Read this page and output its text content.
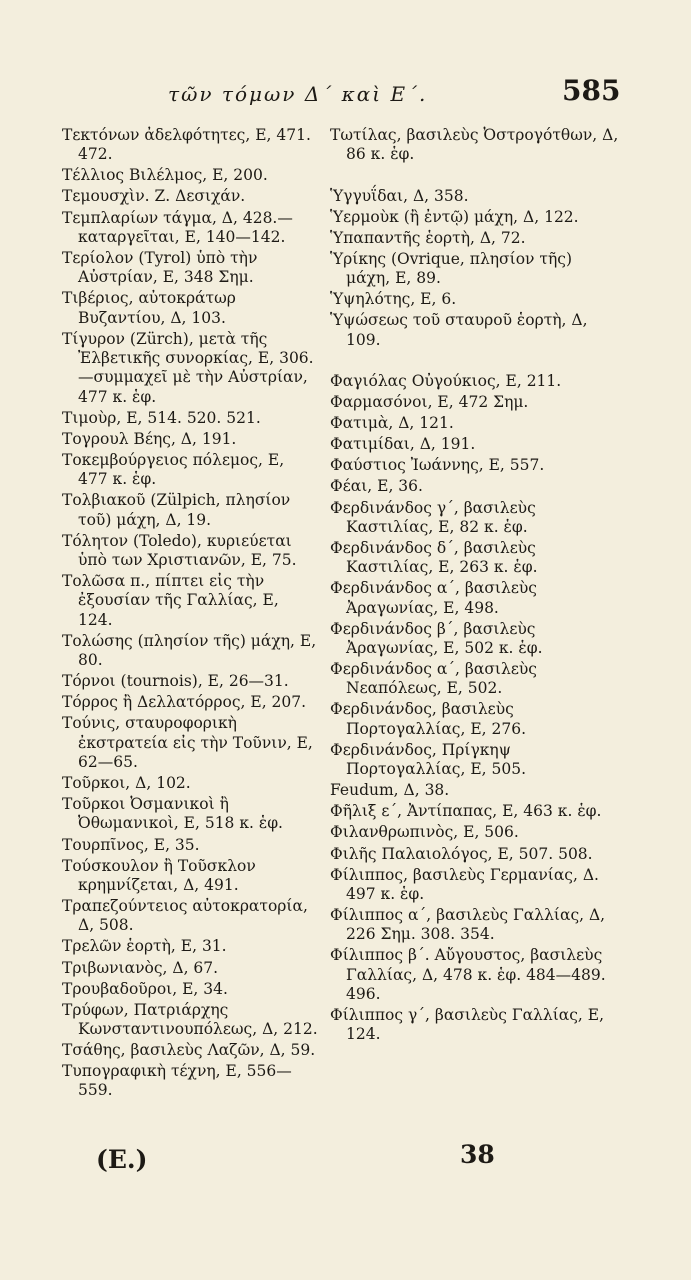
τῶν τόμων Δ΄ καὶ Ε΄.	585

Τεκτόνων ἀδελφότητες, Ε, 471. 472.

Τέλλιος Βιλέλμος, Ε, 200.

Τεμουσχὶν. Ζ. Δεσιχάν.

Τεμπλαρίων τάγμα, Δ, 428.— καταργεῖται, Ε, 140—142.

Τερίολον (Tyrol) ὑπὸ τὴν Αὐστρίαν, Ε, 348 Σημ.

Τιβέριος, αὐτοκράτωρ Βυζαντίου, Δ, 103.

Τίγυρον (Zürch), μετὰ τῆς Ἐλβετικῆς συνορκίας, Ε, 306. —συμμαχεῖ μὲ τὴν Αὐστρίαν, 477 κ. ἑφ.

Τιμοὺρ, Ε, 514. 520. 521.

Τογρουλ Βέης, Δ, 191.

Τοκεμβούργειος πόλεμος, Ε, 477 κ. ἑφ.

Τολβιακοῦ (Zülpich, πλησίον τοῦ) μάχη, Δ, 19.

Τόλητον (Toledo), κυριεύεται ὑπὸ των Χριστιανῶν, Ε, 75.

Τολῶσα π., πίπτει εἰς τὴν ἐξουσίαν τῆς Γαλλίας, Ε, 124.

Τολώσης (πλησίον τῆς) μάχη, Ε, 80.

Τόρνοι (tournois), Ε, 26—31.

Τόρρος ἢ Δελλατόρρος, Ε, 207.

Τούνις, σταυροφορικὴ ἐκστρατεία εἰς τὴν Τοῦνιν, Ε, 62—65.

Τοῦρκοι, Δ, 102.

Τοῦρκοι Ὀσμανικοὶ ἢ Ὀθωμανικοὶ, Ε, 518 κ. ἑφ.

Τουρπῖνος, Ε, 35.

Τούσκουλον ἢ Τοῦσκλον κρημνίζεται, Δ, 491.

Τραπεζούντειος αὐτοκρατορία, Δ, 508.

Τρελῶν ἑορτὴ, Ε, 31.

Τριβωνιανὸς, Δ, 67.

Τρουβαδοῦροι, Ε, 34.

Τρύφων, Πατριάρχης Κωνσταντινουπόλεως, Δ, 212.

Τσάθης, βασιλεὺς Λαζῶν, Δ, 59.

Τυπογραφικὴ τέχνη, Ε, 556— 559.

Τωτίλας, βασιλεὺς Ὀστρογότθων, Δ, 86 κ. ἑφ.

Ὑγγυΐδαι, Δ, 358.

Ὑερμοὺκ (ἢ ἐντῷ) μάχη, Δ, 122.

Ὑπαπαντῆς ἑορτὴ, Δ, 72.

Ὑρίκης (Ovrique, πλησίον τῆς) μάχη, Ε, 89.

Ὑψηλότης, Ε, 6.

Ὑψώσεως τοῦ σταυροῦ ἑορτὴ, Δ, 109.

Φαγιόλας Οὐγούκιος, Ε, 211.

Φαρμασόνοι, Ε, 472 Σημ.

Φατιμὰ, Δ, 121.

Φατιμίδαι, Δ, 191.

Φαύστιος Ἰωάννης, Ε, 557.

Φέαι, Ε, 36.

Φερδινάνδος γ΄, βασιλεὺς Καστιλίας, Ε, 82 κ. ἑφ.

Φερδινάνδος δ΄, βασιλεὺς Καστιλίας, Ε, 263 κ. ἑφ.

Φερδινάνδος α΄, βασιλεὺς Ἀραγωνίας, Ε, 498.

Φερδινάνδος β΄, βασιλεὺς Ἀραγωνίας, Ε, 502 κ. ἑφ.

Φερδινάνδος α΄, βασιλεὺς Νεαπόλεως, Ε, 502.

Φερδινάνδος, βασιλεὺς Πορτογαλλίας, Ε, 276.

Φερδινάνδος, Πρίγκηψ Πορτογαλλίας, Ε, 505.

Feudum, Δ, 38.

Φῆλιξ ε΄, Ἀντίπαπας, Ε, 463 κ. ἑφ.

Φιλανθρωπινὸς, Ε, 506.

Φιλῆς Παλαιολόγος, Ε, 507. 508.

Φίλιππος, βασιλεὺς Γερμανίας, Δ. 497 κ. ἑφ.

Φίλιππος α΄, βασιλεὺς Γαλλίας, Δ, 226 Σημ. 308. 354.

Φίλιππος β΄. Αὔγουστος, βασιλεὺς Γαλλίας, Δ, 478 κ. ἑφ. 484—489. 496.

Φίλιππος γ΄, βασιλεὺς Γαλλίας, Ε, 124.

(E.)	38
